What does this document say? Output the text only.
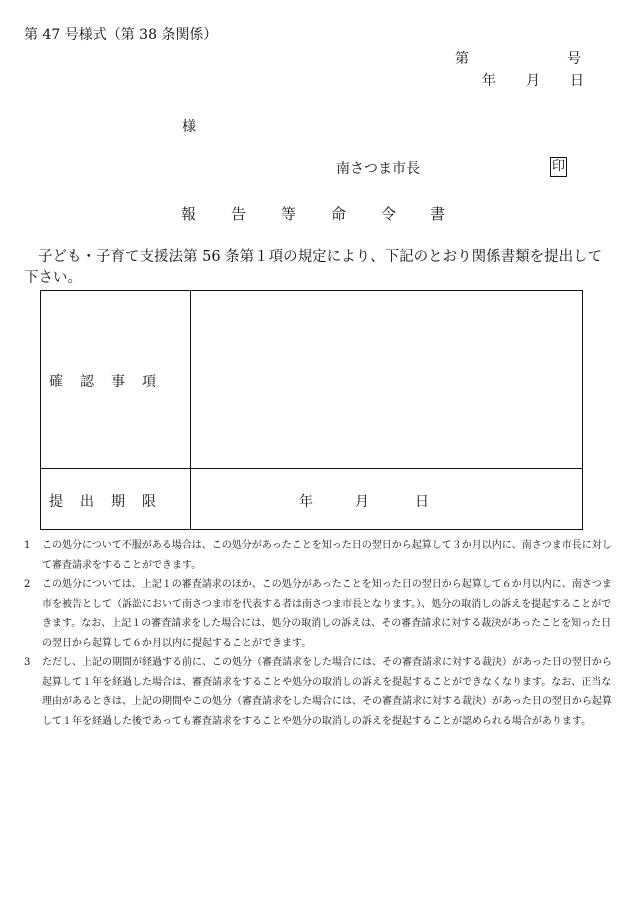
第 47 号様式（第 38 条関係）
第	号
年 月 日
様
南さつま市長	印
報 告 等 命 令 書
子ども・子育て支援法第 56 条第１項の規定により、下記のとおり関係書類を提出して下さい。
確認事項
提出期限	年	月	日
1 この処分について不服がある場合は、この処分があったことを知った日の翌日から起算して３か月以内に、南さつま市長に対して審査請求をすることができます。
2 この処分については、上記１の審査請求のほか、この処分があったことを知った日の翌日から起算して６か月以内に、南さつま市を被告として（訴訟において南さつま市を代表する者は南さつま市長となります。）、処分の取消しの訴えを提起することができます。なお、上記１の審査請求をした場合には、処分の取消しの訴えは、その審査請求に対する裁決があったことを知った日の翌日から起算して６か月以内に提起することができます。
3 ただし、上記の期間が経過する前に、この処分（審査請求をした場合には、その審査請求に対する裁決）があった日の翌日から起算して１年を経過した場合は、審査請求をすることや処分の取消しの訴えを提起することができなくなります。なお、正当な理由があるときは、上記の期間やこの処分（審査請求をした場合には、その審査請求に対する裁決）があった日の翌日から起算して１年を経過した後であっても審査請求をすることや処分の取消しの訴えを提起することが認められる場合があります。
